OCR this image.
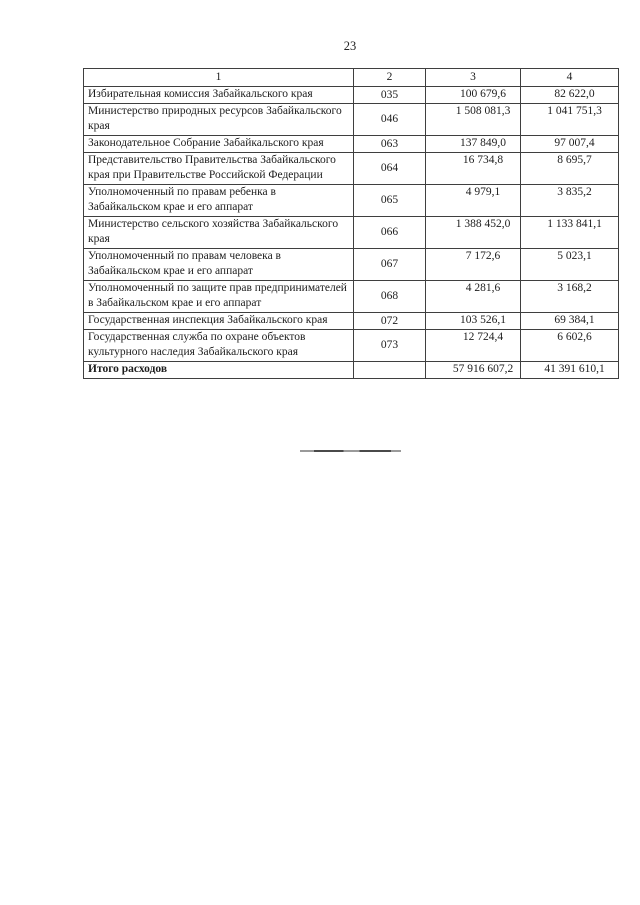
23
1	2	3	4
Избирательная комиссия Забайкальского края	035	100 679,6	82 622,0
Министерство природных ресурсов Забайкальского края	046	1 508 081,3	1 041 751,3
Законодательное Собрание Забайкальского края	063	137 849,0	97 007,4
Представительство Правительства Забайкальского края при Правительстве Российской Федерации	064	16 734,8	8 695,7
Уполномоченный по правам ребенка в Забайкальском крае и его аппарат	065	4 979,1	3 835,2
Министерство сельского хозяйства Забайкальского края	066	1 388 452,0	1 133 841,1
Уполномоченный по правам человека в Забайкальском крае и его аппарат	067	7 172,6	5 023,1
Уполномоченный по защите прав предпринимателей в Забайкальском крае и его аппарат	068	4 281,6	3 168,2
Государственная инспекция Забайкальского края	072	103 526,1	69 384,1
Государственная служба по охране объектов культурного наследия Забайкальского края	073	12 724,4	6 602,6
Итого расходов		57 916 607,2	41 391 610,1
